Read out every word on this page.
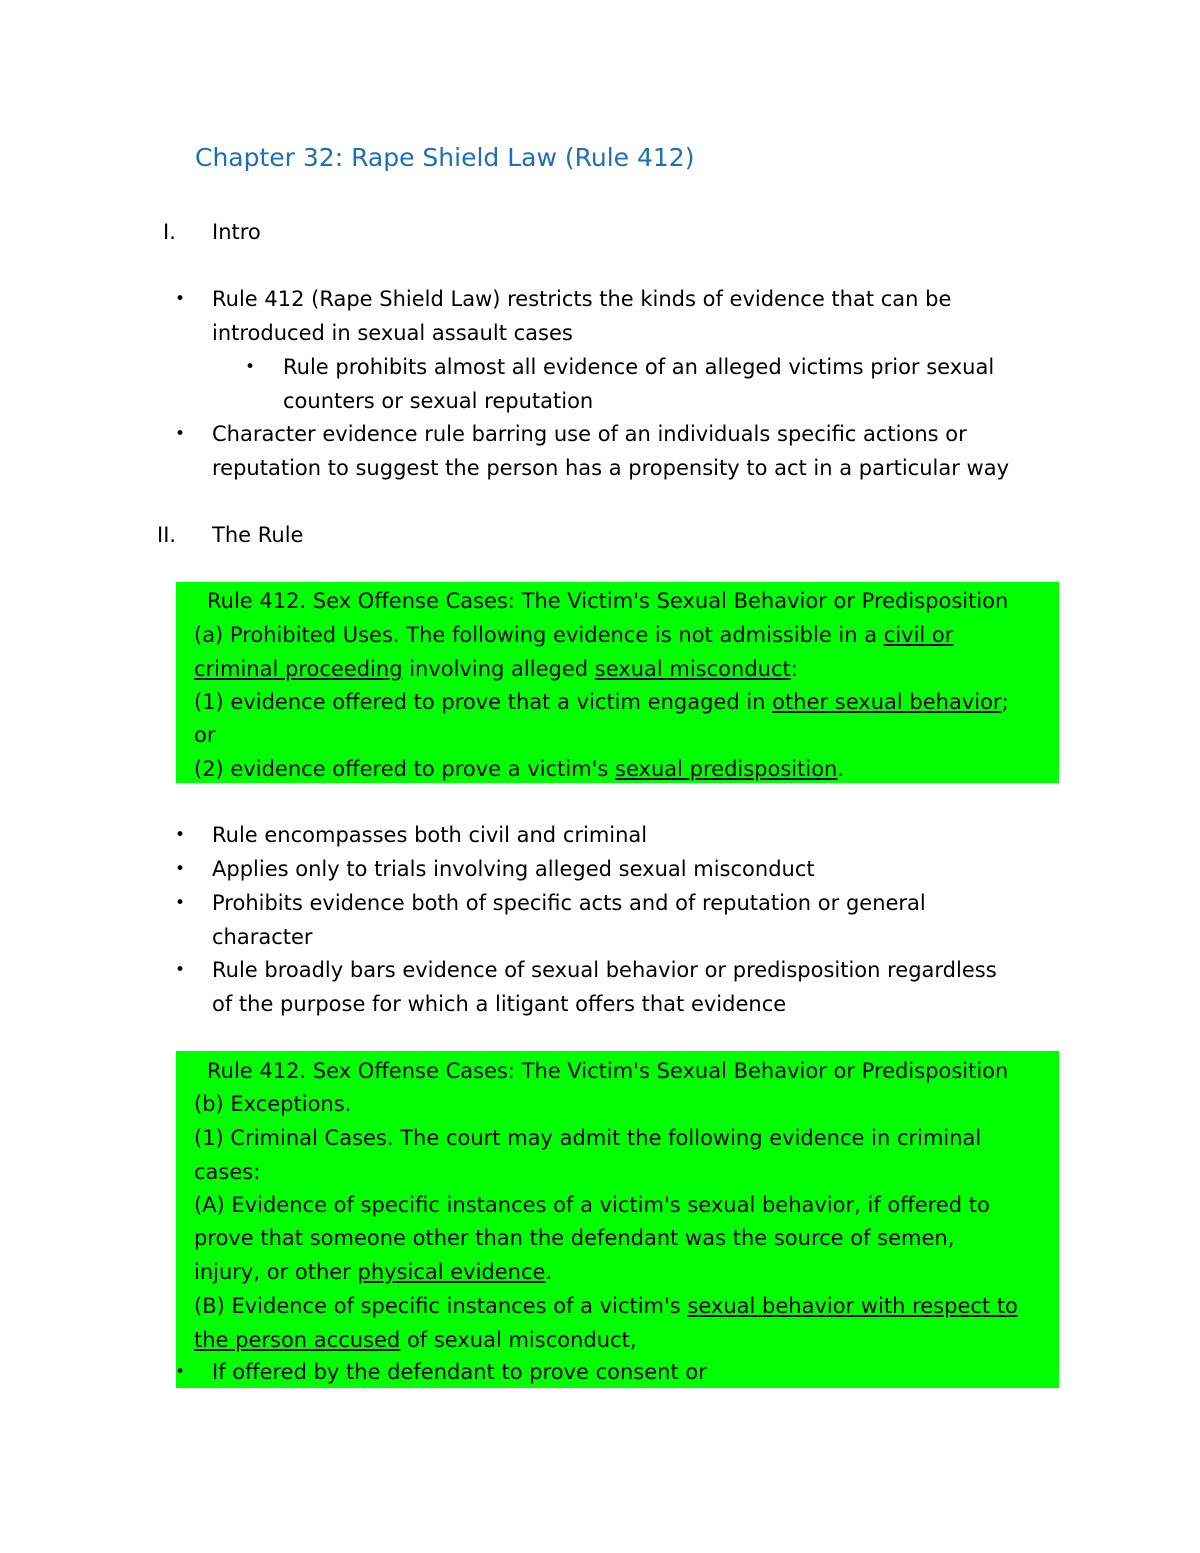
Chapter 32: Rape Shield Law (Rule 412)
I. Intro
• Rule 412 (Rape Shield Law) restricts the kinds of evidence that can be
introduced in sexual assault cases
• Rule prohibits almost all evidence of an alleged victims prior sexual
counters or sexual reputation
• Character evidence rule barring use of an individuals specific actions or
reputation to suggest the person has a propensity to act in a particular way
II. The Rule
Rule 412. Sex Offense Cases: The Victim's Sexual Behavior or Predisposition
(a) Prohibited Uses. The following evidence is not admissible in a civil or
criminal proceeding involving alleged sexual misconduct:
(1) evidence offered to prove that a victim engaged in other sexual behavior;
or
(2) evidence offered to prove a victim's sexual predisposition.
• Rule encompasses both civil and criminal
• Applies only to trials involving alleged sexual misconduct
• Prohibits evidence both of specific acts and of reputation or general
character
• Rule broadly bars evidence of sexual behavior or predisposition regardless
of the purpose for which a litigant offers that evidence
Rule 412. Sex Offense Cases: The Victim's Sexual Behavior or Predisposition
(b) Exceptions.
(1) Criminal Cases. The court may admit the following evidence in criminal
cases:
(A) Evidence of specific instances of a victim's sexual behavior, if offered to
prove that someone other than the defendant was the source of semen,
injury, or other physical evidence.
(B) Evidence of specific instances of a victim's sexual behavior with respect to
the person accused of sexual misconduct,
• If offered by the defendant to prove consent or
